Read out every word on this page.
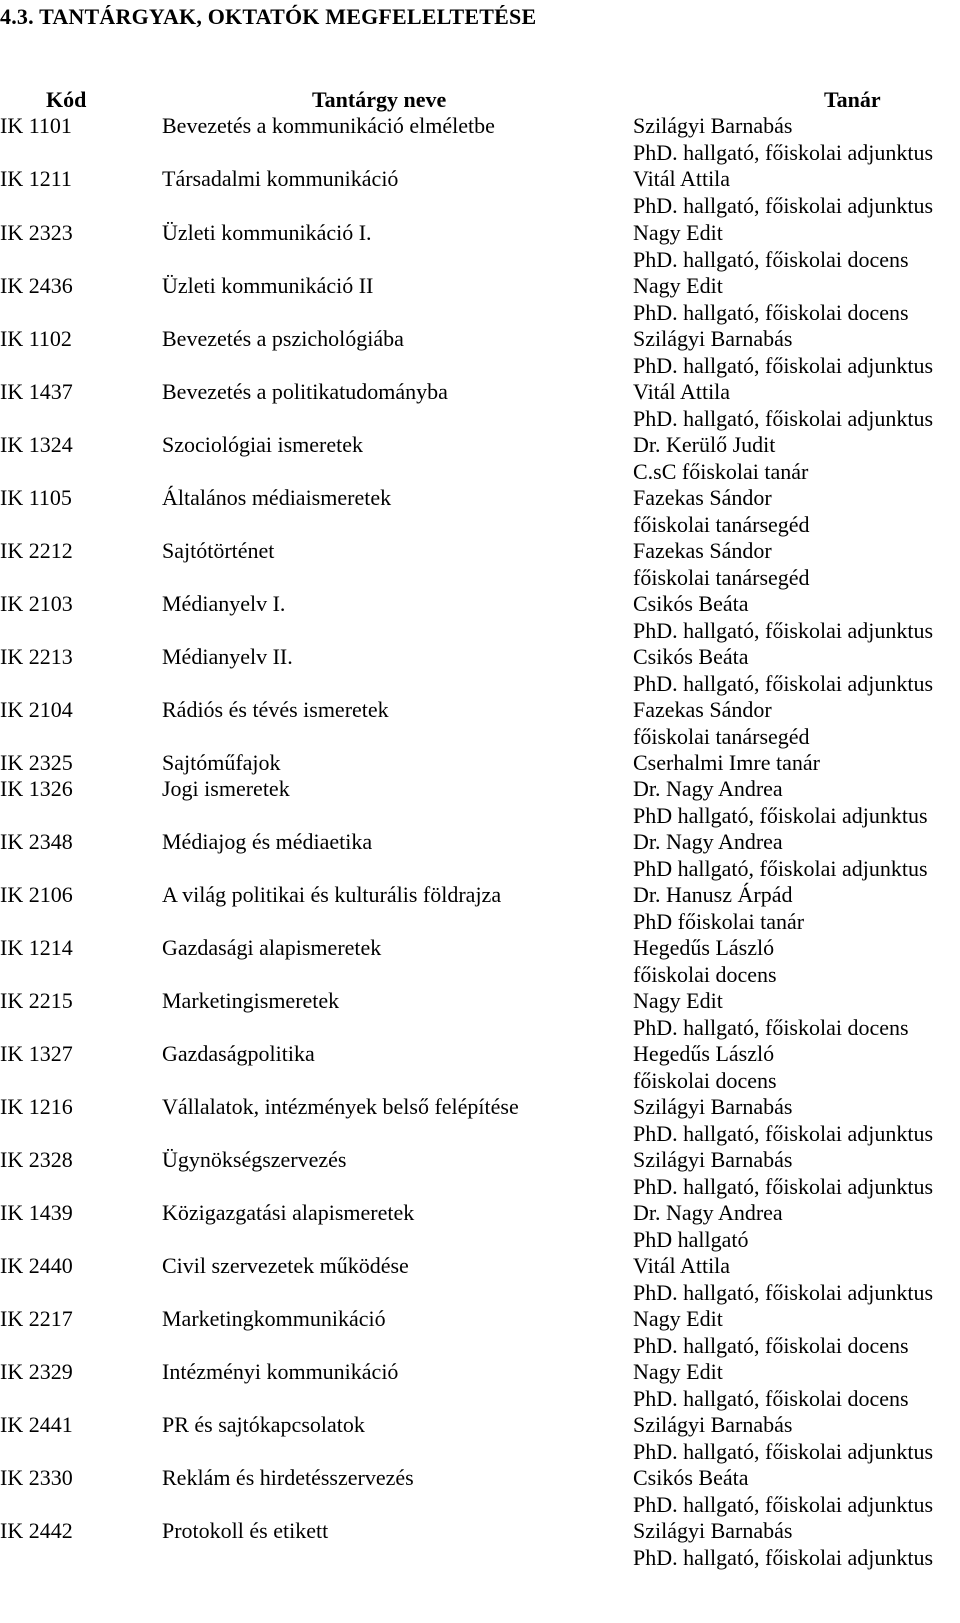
4.3. TANTÁRGYAK, OKTATÓK MEGFELELTETÉSE
Kód	Tantárgy neve	Tanár
IK 1101	Bevezetés a kommunikáció elméletbe	Szilágyi Barnabás
PhD. hallgató, főiskolai adjunktus
IK 1211	Társadalmi kommunikáció	Vitál Attila
PhD. hallgató, főiskolai adjunktus
IK 2323	Üzleti kommunikáció I.	Nagy Edit
PhD. hallgató, főiskolai docens
IK 2436	Üzleti kommunikáció II	Nagy Edit
PhD. hallgató, főiskolai docens
IK 1102	Bevezetés a pszichológiába	Szilágyi Barnabás
PhD. hallgató, főiskolai adjunktus
IK 1437	Bevezetés a politikatudományba	Vitál Attila
PhD. hallgató, főiskolai adjunktus
IK 1324	Szociológiai ismeretek	Dr. Kerülő Judit
C.sC főiskolai tanár
IK 1105	Általános médiaismeretek	Fazekas Sándor
főiskolai tanársegéd
IK 2212	Sajtótörténet	Fazekas Sándor
főiskolai tanársegéd
IK 2103	Médianyelv I.	Csikós Beáta
PhD. hallgató, főiskolai adjunktus
IK 2213	Médianyelv II.	Csikós Beáta
PhD. hallgató, főiskolai adjunktus
IK 2104	Rádiós és tévés ismeretek	Fazekas Sándor
főiskolai tanársegéd
IK 2325	Sajtóműfajok	Cserhalmi Imre tanár
IK 1326	Jogi ismeretek	Dr. Nagy Andrea
PhD hallgató, főiskolai adjunktus
IK 2348	Médiajog és médiaetika	Dr. Nagy Andrea
PhD hallgató, főiskolai adjunktus
IK 2106	A világ politikai és kulturális földrajza	Dr. Hanusz Árpád
PhD főiskolai tanár
IK 1214	Gazdasági alapismeretek	Hegedűs László
főiskolai docens
IK 2215	Marketingismeretek	Nagy Edit
PhD. hallgató, főiskolai docens
IK 1327	Gazdaságpolitika	Hegedűs László
főiskolai docens
IK 1216	Vállalatok, intézmények belső felépítése	Szilágyi Barnabás
PhD. hallgató, főiskolai adjunktus
IK 2328	Ügynökségszervezés	Szilágyi Barnabás
PhD. hallgató, főiskolai adjunktus
IK 1439	Közigazgatási alapismeretek	Dr. Nagy Andrea
PhD hallgató
IK 2440	Civil szervezetek működése	Vitál Attila
PhD. hallgató, főiskolai adjunktus
IK 2217	Marketingkommunikáció	Nagy Edit
PhD. hallgató, főiskolai docens
IK 2329	Intézményi kommunikáció	Nagy Edit
PhD. hallgató, főiskolai docens
IK 2441	PR és sajtókapcsolatok	Szilágyi Barnabás
PhD. hallgató, főiskolai adjunktus
IK 2330	Reklám és hirdetésszervezés	Csikós Beáta
PhD. hallgató, főiskolai adjunktus
IK 2442	Protokoll és etikett	Szilágyi Barnabás
PhD. hallgató, főiskolai adjunktus
